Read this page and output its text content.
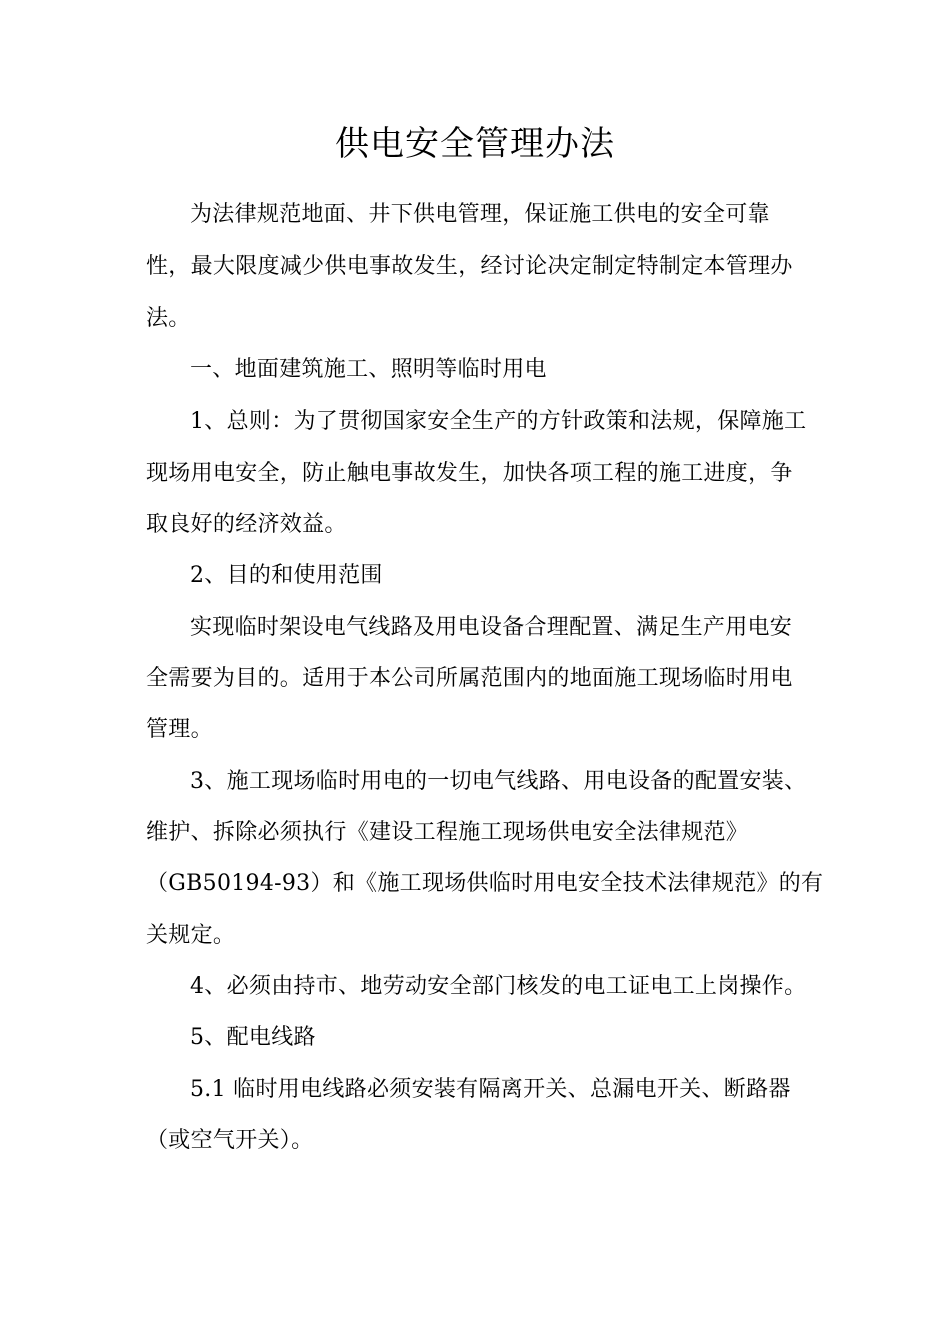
供电安全管理办法

为法律规范地面、井下供电管理，保证施工供电的安全可靠

性，最大限度减少供电事故发生，经讨论决定制定特制定本管理办

法。

一、地面建筑施工、照明等临时用电

1、总则：为了贯彻国家安全生产的方针政策和法规，保障施工

现场用电安全，防止触电事故发生，加快各项工程的施工进度，争

取良好的经济效益。

2、目的和使用范围

实现临时架设电气线路及用电设备合理配置、满足生产用电安

全需要为目的。适用于本公司所属范围内的地面施工现场临时用电

管理。

3、施工现场临时用电的一切电气线路、用电设备的配置安装、

维护、拆除必须执行《建设工程施工现场供电安全法律规范》

（GB50194-93）和《施工现场供临时用电安全技术法律规范》的有

关规定。

4、必须由持市、地劳动安全部门核发的电工证电工上岗操作。

5、配电线路

5.1 临时用电线路必须安装有隔离开关、总漏电开关、断路器

（或空气开关）。
